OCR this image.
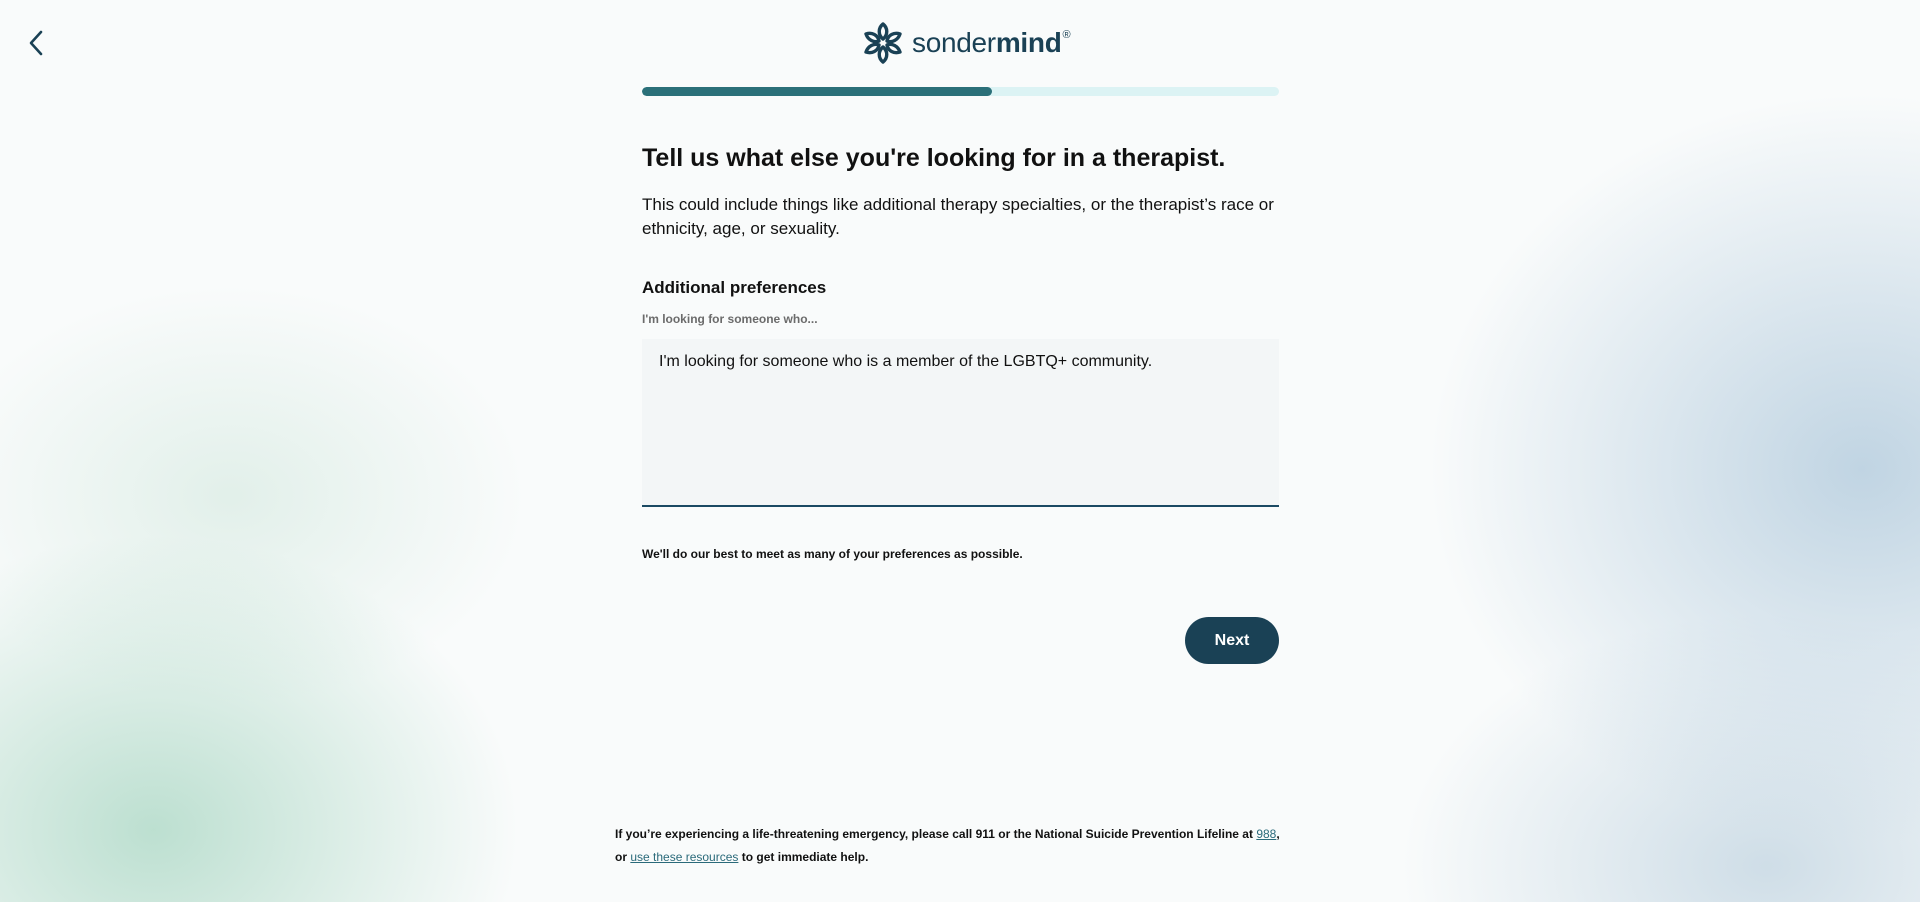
sonder mind ®
Tell us what else you're looking for in a therapist.

This could include things like additional therapy specialties, or the therapist’s race or ethnicity, age, or sexuality.

Additional preferences
I'm looking for someone who...
I'm looking for someone who is a member of the LGBTQ+ community.
We'll do our best to meet as many of your preferences as possible.
Next
If you’re experiencing a life-threatening emergency, please call 911 or the National Suicide Prevention Lifeline at 988,
or use these resources to get immediate help.
